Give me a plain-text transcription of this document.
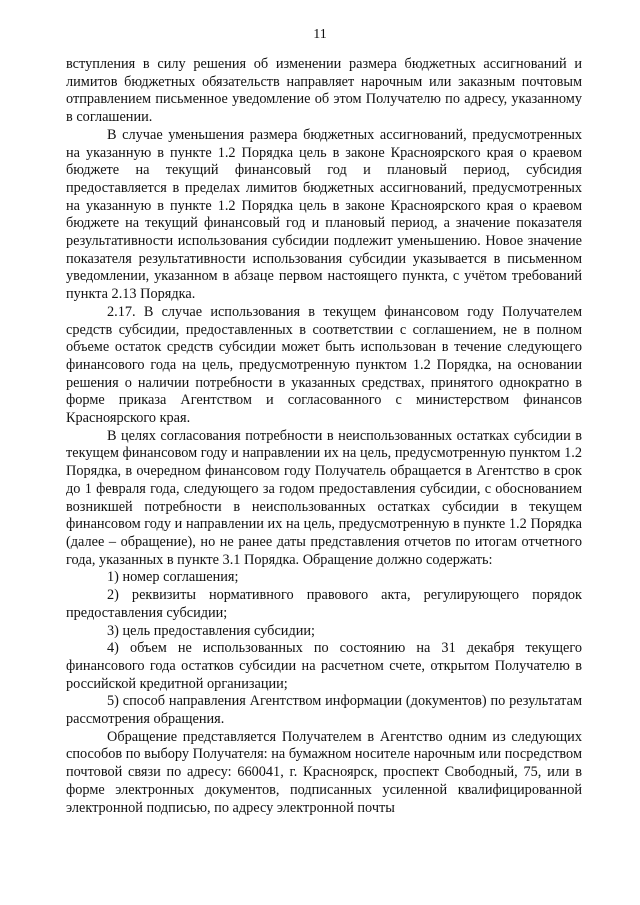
11

вступления в силу решения об изменении размера бюджетных ассигнований и лимитов бюджетных обязательств направляет нарочным или заказным почтовым отправлением письменное уведомление об этом Получателю по адресу, указанному в соглашении.

В случае уменьшения размера бюджетных ассигнований, предусмотренных на указанную в пункте 1.2 Порядка цель в законе Красноярского края о краевом бюджете на текущий финансовый год и плановый период, субсидия предоставляется в пределах лимитов бюджетных ассигнований, предусмотренных на указанную в пункте 1.2 Порядка цель в законе Красноярского края о краевом бюджете на текущий финансовый год и плановый период, а значение показателя результативности использования субсидии подлежит уменьшению. Новое значение показателя результативности использования субсидии указывается в письменном уведомлении, указанном в абзаце первом настоящего пункта, с учётом требований пункта 2.13 Порядка.

2.17. В случае использования в текущем финансовом году Получателем средств субсидии, предоставленных в соответствии с соглашением, не в полном объеме остаток средств субсидии может быть использован в течение следующего финансового года на цель, предусмотренную пунктом 1.2 Порядка, на основании решения о наличии потребности в указанных средствах, принятого однократно в форме приказа Агентством и согласованного с министерством финансов Красноярского края.

В целях согласования потребности в неиспользованных остатках субсидии в текущем финансовом году и направлении их на цель, предусмотренную пунктом 1.2 Порядка, в очередном финансовом году Получатель обращается в Агентство в срок до 1 февраля года, следующего за годом предоставления субсидии, с обоснованием возникшей потребности в неиспользованных остатках субсидии в текущем финансовом году и направлении их на цель, предусмотренную в пункте 1.2 Порядка (далее – обращение), но не ранее даты представления отчетов по итогам отчетного года, указанных в пункте 3.1 Порядка. Обращение должно содержать:

1) номер соглашения;

2) реквизиты нормативного правового акта, регулирующего порядок предоставления субсидии;

3) цель предоставления субсидии;

4) объем не использованных по состоянию на 31 декабря текущего финансового года остатков субсидии на расчетном счете, открытом Получателю в российской кредитной организации;

5) способ направления Агентством информации (документов) по результатам рассмотрения обращения.

Обращение представляется Получателем в Агентство одним из следующих способов по выбору Получателя: на бумажном носителе нарочным или посредством почтовой связи по адресу: 660041, г. Красноярск, проспект Свободный, 75, или в форме электронных документов, подписанных усиленной квалифицированной электронной подписью, по адресу электронной почты
